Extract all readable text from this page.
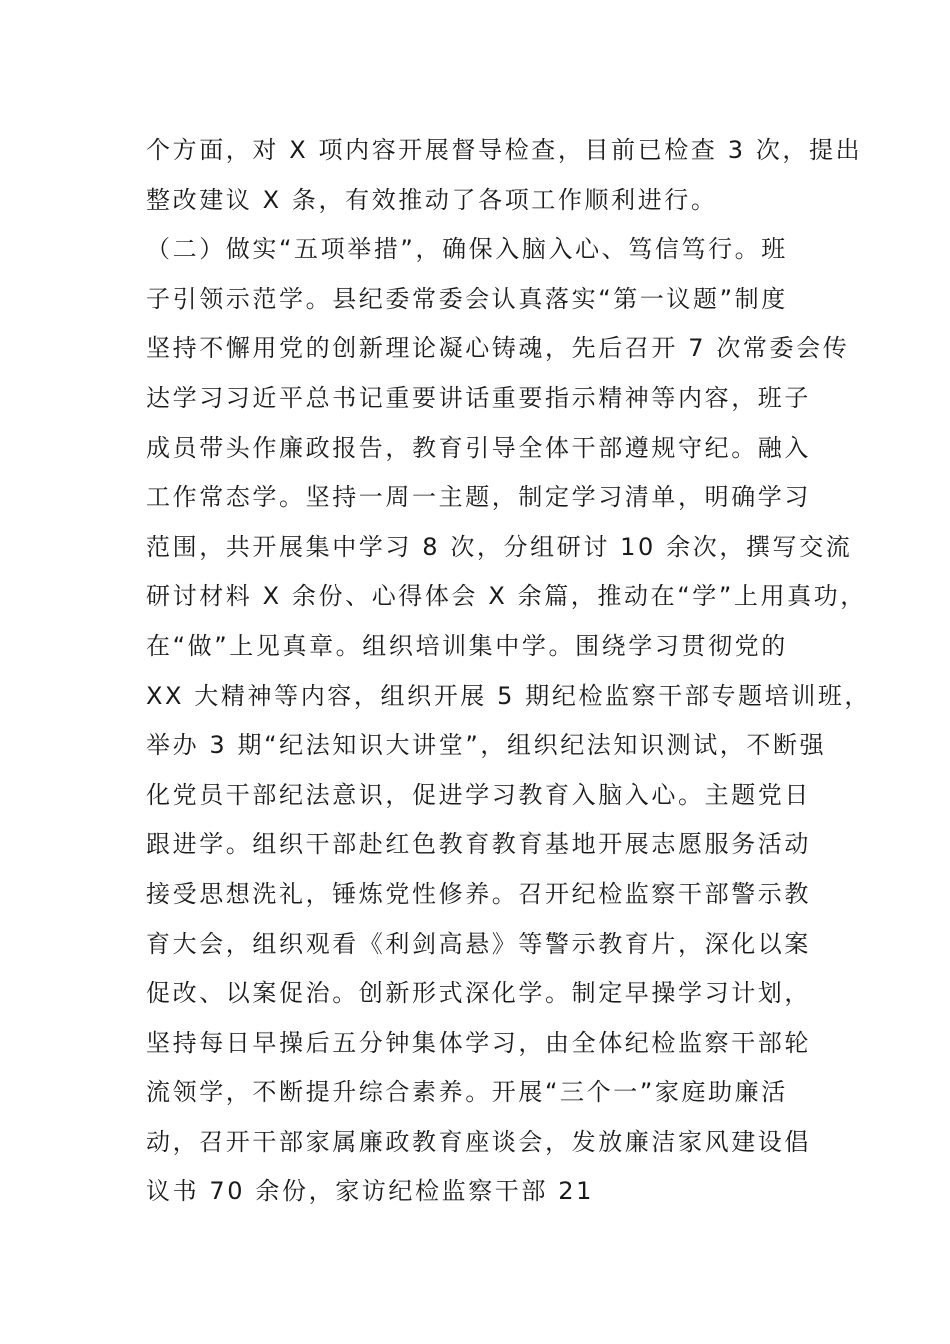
个方面，对 X 项内容开展督导检查，目前已检查 3 次，提出
整改建议 X 条，有效推动了各项工作顺利进行。
（二）做实“五项举措”，确保入脑入心、笃信笃行。班
子引领示范学。县纪委常委会认真落实“第一议题”制度
坚持不懈用党的创新理论凝心铸魂，先后召开 7 次常委会传
达学习习近平总书记重要讲话重要指示精神等内容，班子
成员带头作廉政报告，教育引导全体干部遵规守纪。融入
工作常态学。坚持一周一主题，制定学习清单，明确学习
范围，共开展集中学习 8 次，分组研讨 10 余次，撰写交流
研讨材料 X 余份、心得体会 X 余篇，推动在“学”上用真功，
在“做”上见真章。组织培训集中学。围绕学习贯彻党的
XX 大精神等内容，组织开展 5 期纪检监察干部专题培训班，
举办 3 期“纪法知识大讲堂”，组织纪法知识测试，不断强
化党员干部纪法意识，促进学习教育入脑入心。主题党日
跟进学。组织干部赴红色教育教育基地开展志愿服务活动
接受思想洗礼，锤炼党性修养。召开纪检监察干部警示教
育大会，组织观看《利剑高悬》等警示教育片，深化以案
促改、以案促治。创新形式深化学。制定早操学习计划，
坚持每日早操后五分钟集体学习，由全体纪检监察干部轮
流领学，不断提升综合素养。开展“三个一”家庭助廉活
动，召开干部家属廉政教育座谈会，发放廉洁家风建设倡
议书 70 余份，家访纪检监察干部 21
